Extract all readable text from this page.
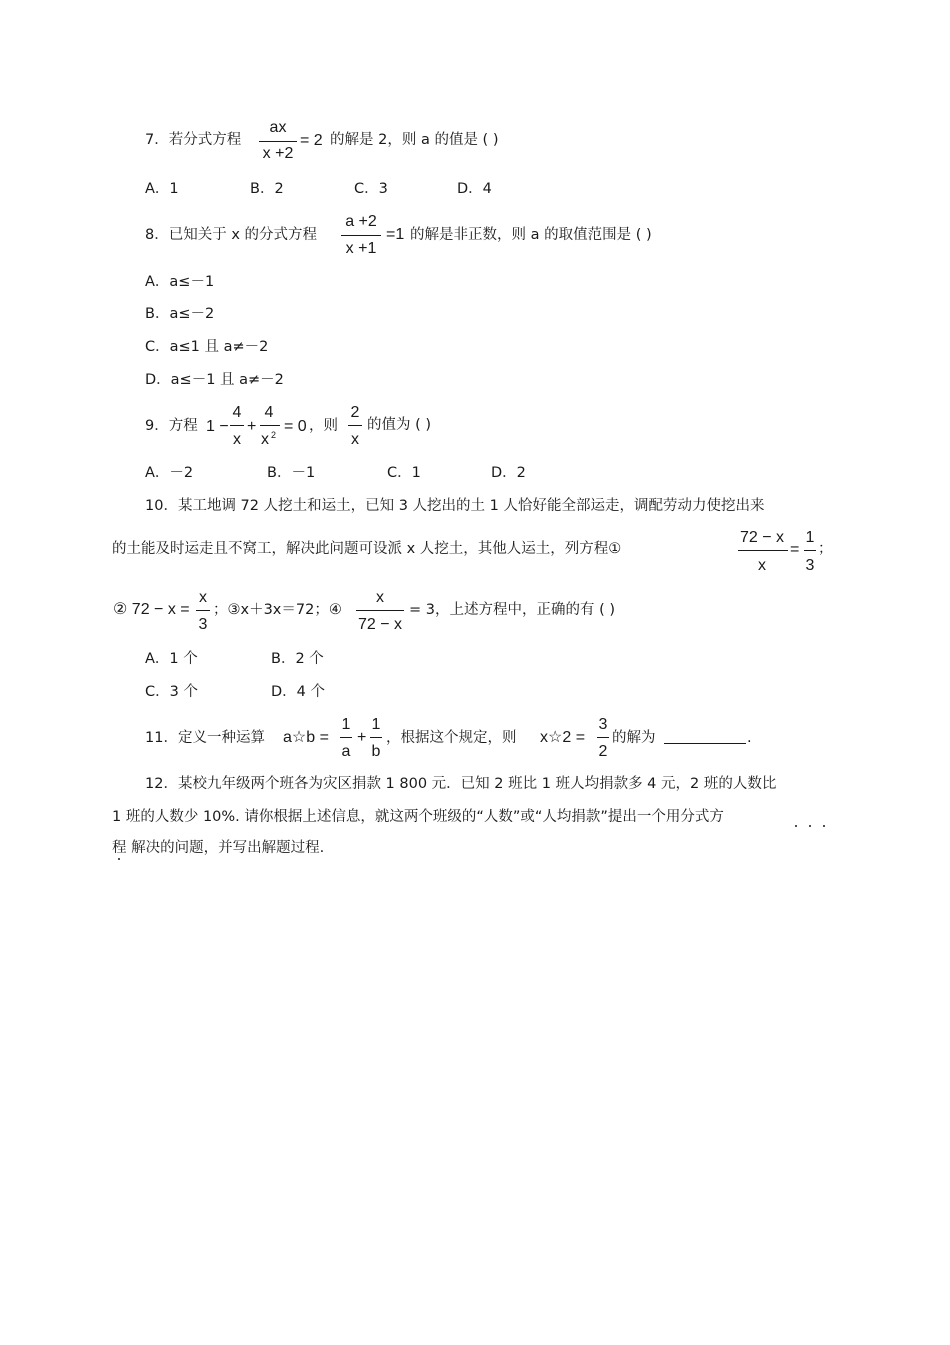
7．若分式方程
ax
x +2
= 2 的解是 2，则 a 的值是 ( )
A．1	B．2	C．3	D．4
8．已知关于 x 的分式方程
a +2
x +1
=1 的解是非正数，则 a 的取值范围是 ( )
A．a≤－1
B．a≤－2
C．a≤1 且 a≠－2
D．a≤－1 且 a≠－2
9．方程 1 −
4
x
+
4
x 2 = 0 ，则
2
x
的值为 ( )
A．－2	B．－1	C．1	D．2
10．某工地调 72 人挖土和运土，已知 3 人挖出的土 1 人恰好能全部运走，调配劳动力使挖出来
的土能及时运走且不窝工，解决此问题可设派 x 人挖土，其他人运土，列方程①
72 − x
x
=
1
3
；
② 72 − x =
x
3
；③x＋3x＝72；④
x
72 − x
= 3，上述方程中，正确的有 ( )
A．1 个	B．2 个
C．3 个	D．4 个
11．定义一种运算 a☆b =
1
a
+
1
b
，根据这个规定，则 x☆2 =
3
2
的解为	.
12．某校九年级两个班各为灾区捐款 1 800 元．已知 2 班比 1 班人均捐款多 4 元，2 班的人数比
1 班的人数少 10%. 请你根据上述信息，就这两个班级的“人数”或“人均捐款”提出一个用分式方
程 解决的问题，并写出解题过程.
